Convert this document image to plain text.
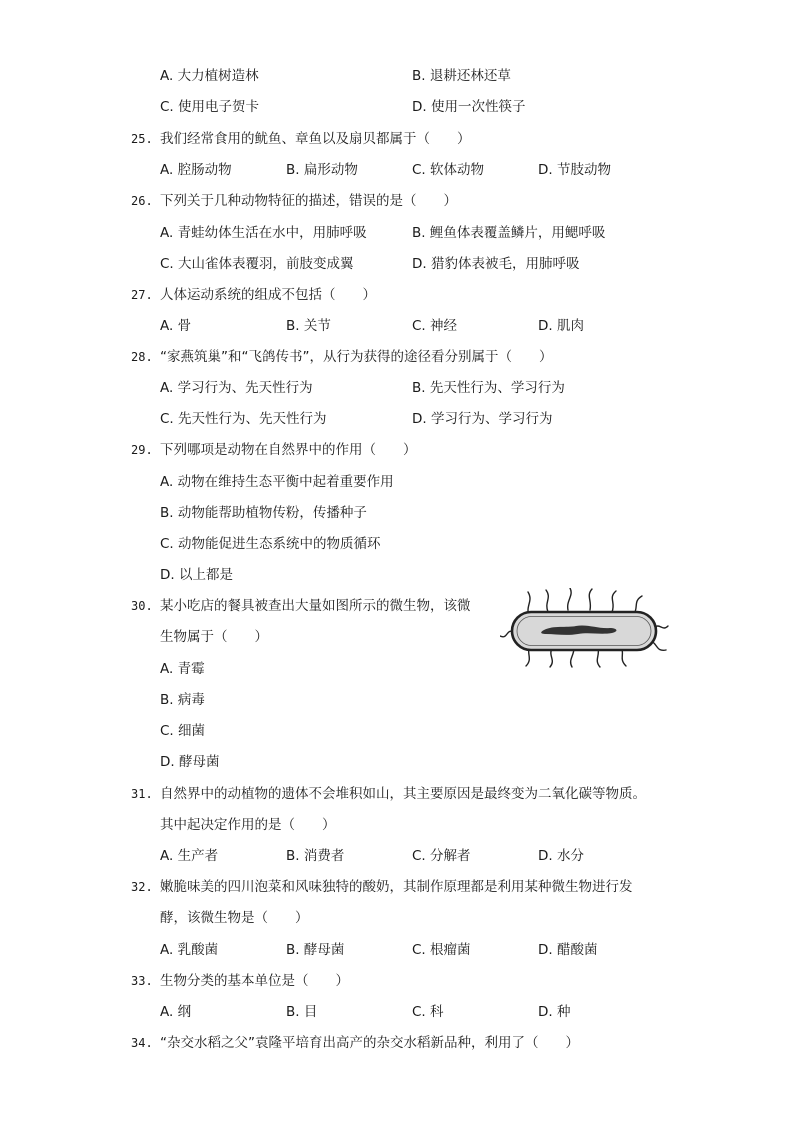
A. 大力植树造林	B. 退耕还林还草
C. 使用电子贺卡	D. 使用一次性筷子
25. 我们经常食用的鱿鱼、章鱼以及扇贝都属于（　　）
A. 腔肠动物	B. 扁形动物	C. 软体动物	D. 节肢动物
26. 下列关于几种动物特征的描述，错误的是（　　）
A. 青蛙幼体生活在水中，用肺呼吸	B. 鲤鱼体表覆盖鳞片，用鳃呼吸
C. 大山雀体表覆羽，前肢变成翼	D. 猎豹体表被毛，用肺呼吸
27. 人体运动系统的组成不包括（　　）
A. 骨	B. 关节	C. 神经	D. 肌肉
28. “家燕筑巢”和“飞鸽传书”，从行为获得的途径看分别属于（　　）
A. 学习行为、先天性行为	B. 先天性行为、学习行为
C. 先天性行为、先天性行为	D. 学习行为、学习行为
29. 下列哪项是动物在自然界中的作用（　　）
A. 动物在维持生态平衡中起着重要作用
B. 动物能帮助植物传粉，传播种子
C. 动物能促进生态系统中的物质循环
D. 以上都是
30. 某小吃店的餐具被查出大量如图所示的微生物，该微
生物属于（　　）
A. 青霉
B. 病毒
C. 细菌
D. 酵母菌
31. 自然界中的动植物的遗体不会堆积如山，其主要原因是最终变为二氧化碳等物质。
其中起决定作用的是（　　）
A. 生产者	B. 消费者	C. 分解者	D. 水分
32. 嫩脆味美的四川泡菜和风味独特的酸奶，其制作原理都是利用某种微生物进行发
酵，该微生物是（　　）
A. 乳酸菌	B. 酵母菌	C. 根瘤菌	D. 醋酸菌
33. 生物分类的基本单位是（　　）
A. 纲	B. 目	C. 科	D. 种
34. “杂交水稻之父”袁隆平培育出高产的杂交水稻新品种，利用了（　　）
